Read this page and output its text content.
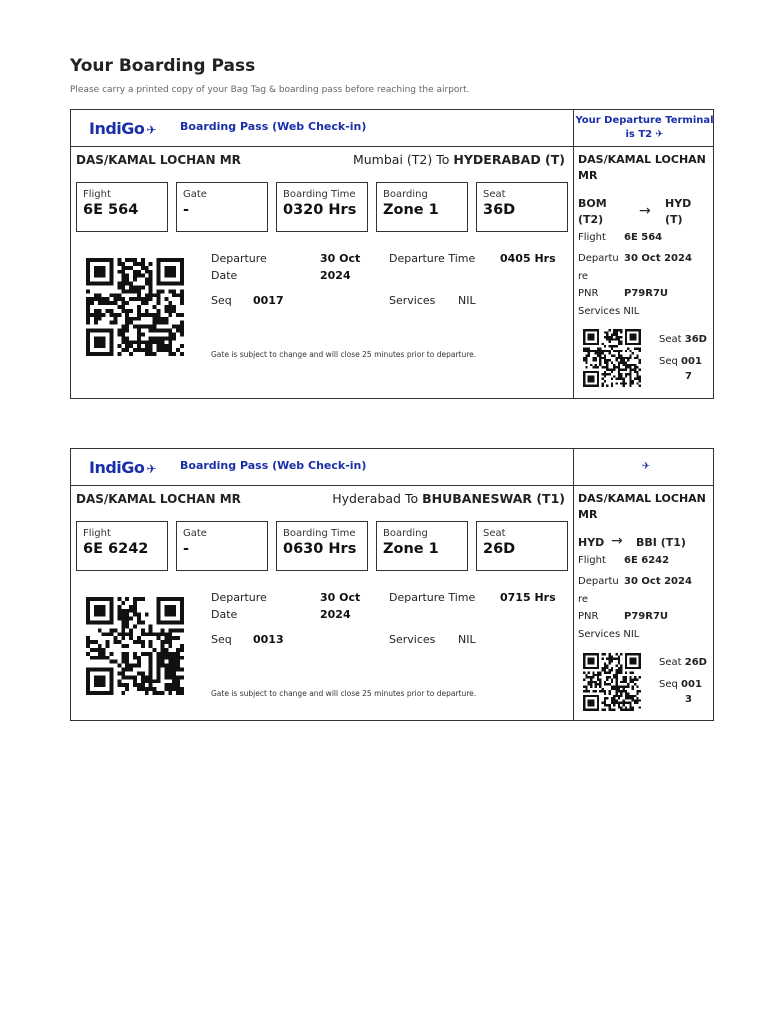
Your Boarding Pass
Please carry a printed copy of your Bag Tag & boarding pass before reaching the airport.
IndiGo ✈ Boarding Pass (Web Check-in)	Your Departure Terminal
is T2 ✈
DAS/KAMAL LOCHAN MR	Mumbai (T2) To HYDERABAD (T)
Flight
6E 564
Gate
-
Boarding Time
0320 Hrs
Boarding
Zone 1
Seat
36D
Departure
Date
30 Oct
2024
Departure Time 0405 Hrs
Seq 0017	Services NIL
Gate is subject to change and will close 25 minutes prior to departure.
DAS/KAMAL LOCHAN
MR
BOM
(T2)
→ HYD
(T)
Flight 6E 564
Departu
re
30 Oct 2024
PNR	P79R7U
Services NIL
Seat 36D
Seq 001
7
IndiGo ✈ Boarding Pass (Web Check-in)	✈
DAS/KAMAL LOCHAN MR	Hyderabad To BHUBANESWAR (T1)
Flight
6E 6242
Gate
-
Boarding Time
0630 Hrs
Boarding
Zone 1
Seat
26D
Departure
Date
30 Oct
2024
Departure Time 0715 Hrs
Seq 0013	Services NIL
Gate is subject to change and will close 25 minutes prior to departure.
DAS/KAMAL LOCHAN
MR
HYD → BBI (T1)
Flight 6E 6242
Departu
re
30 Oct 2024
PNR	P79R7U
Services NIL
Seat 26D
Seq 001
3
